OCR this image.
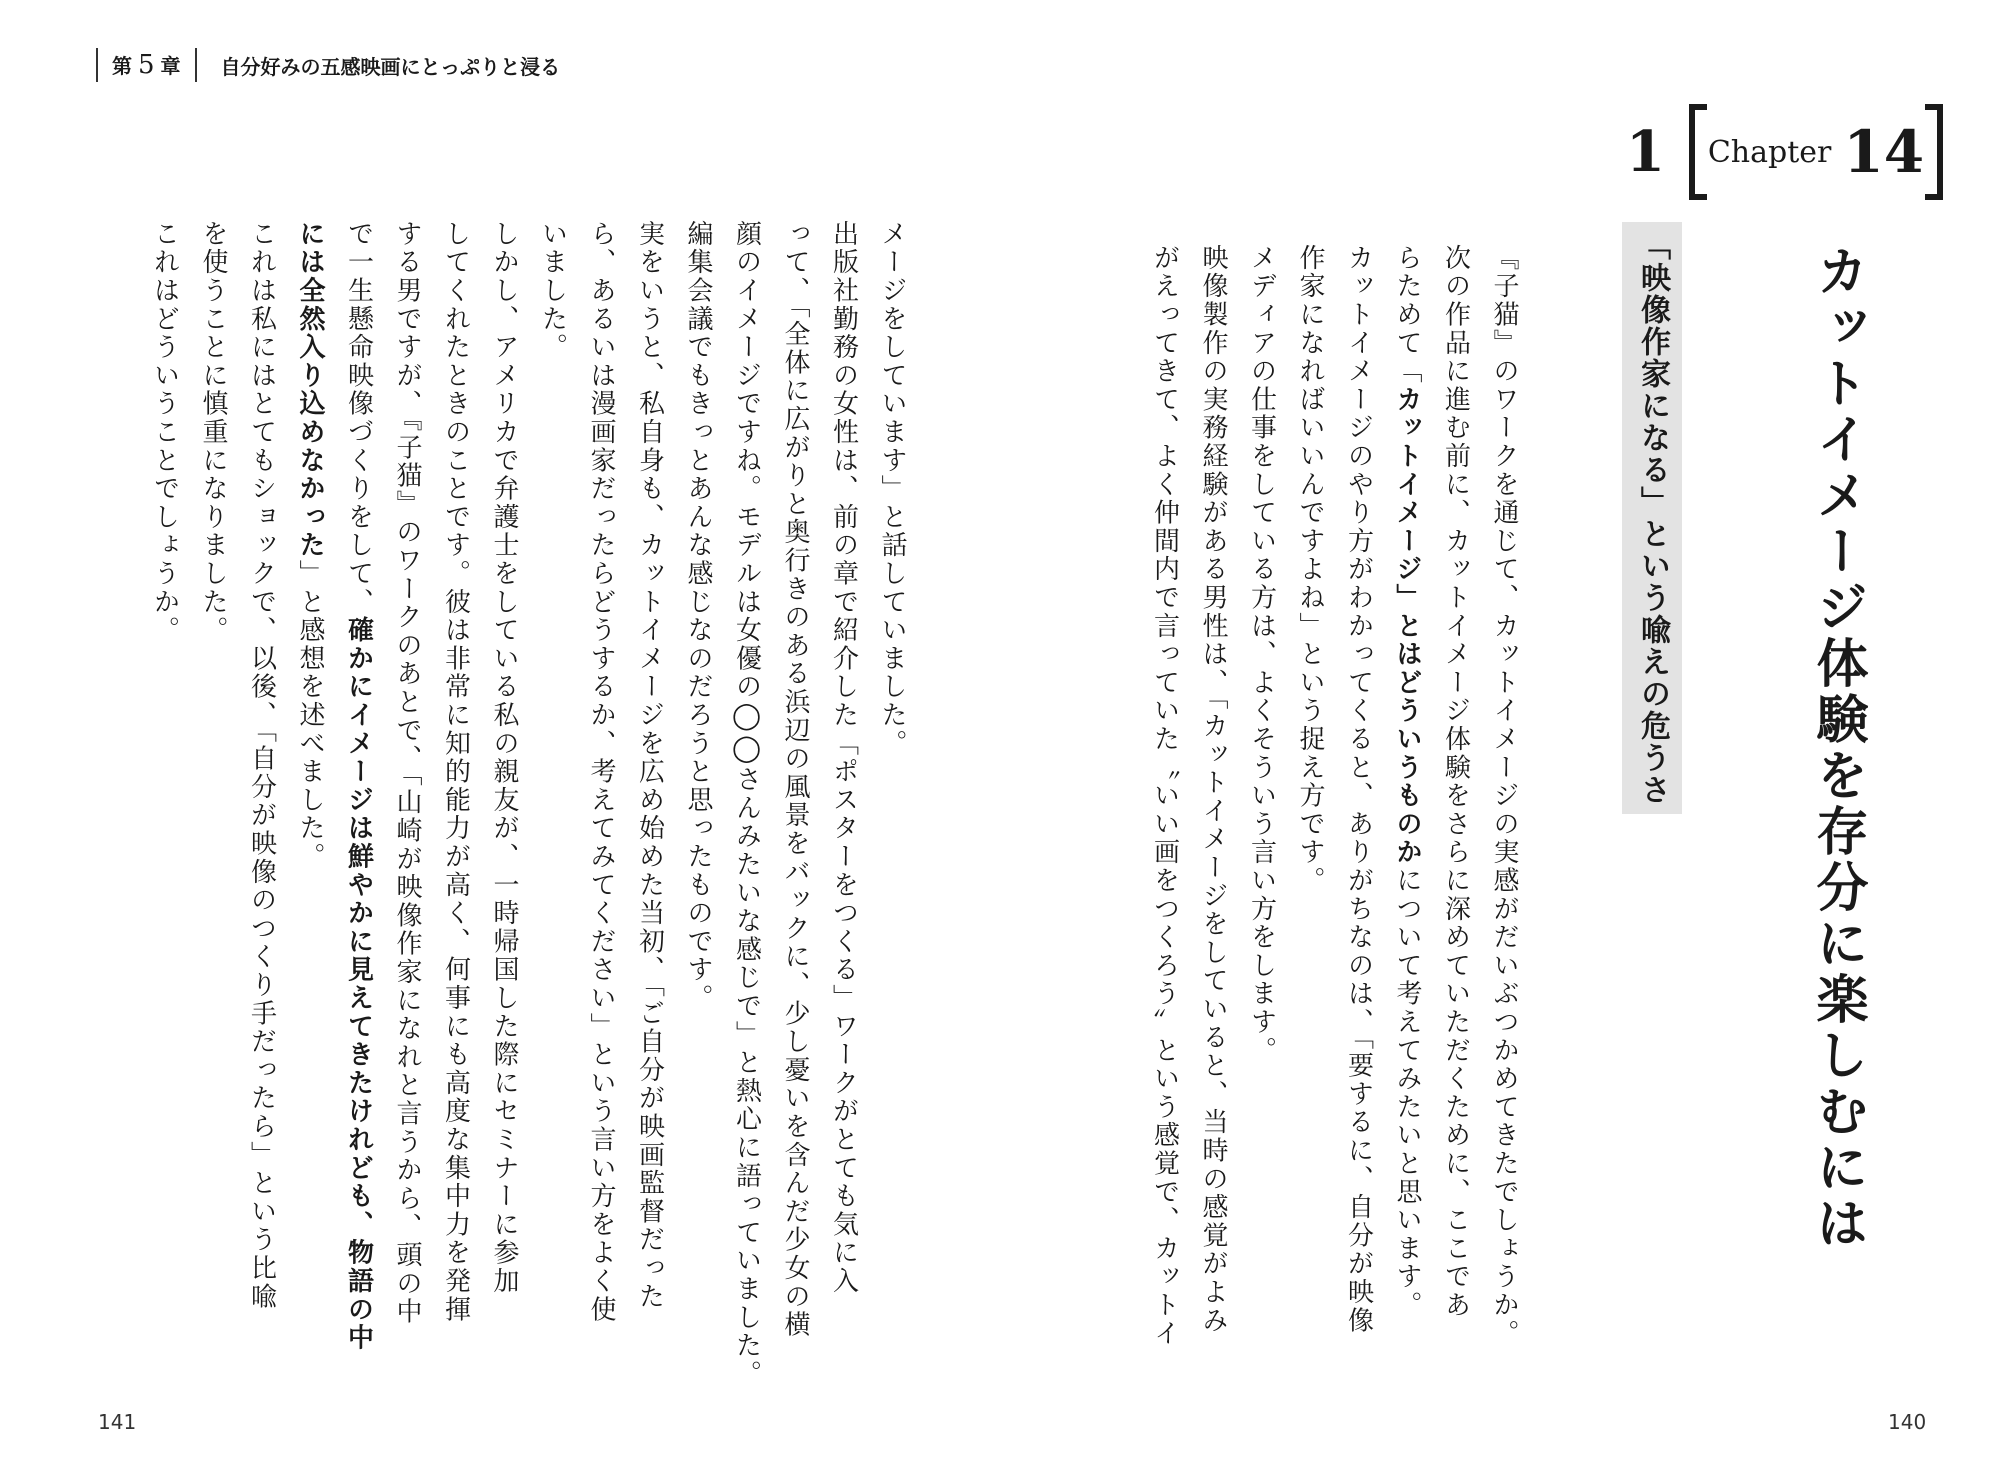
第 5 章 自分好みの五感映画にとっぷりと浸る
1 Chapter 14
カットイメージ体験を存分に楽しむには
「映像作家になる」という喩えの危うさ
『子猫』のワークを通じて、カットイメージの実感がだいぶつかめてきたでしょうか。
次の作品に進む前に、カットイメージ体験をさらに深めていただくために、ここであ
らためて「カットイメージ」とはどういうものかについて考えてみたいと思います。
カットイメージのやり方がわかってくると、ありがちなのは、「要するに、自分が映像
作家になればいいんですよね」という捉え方です。
メディアの仕事をしている方は、よくそういう言い方をします。
映像製作の実務経験がある男性は、「カットイメージをしていると、当時の感覚がよみ
がえってきて、よく仲間内で言っていた〝いい画をつくろう〟という感覚で、カットイ
メージをしています」と話していました。
出版社勤務の女性は、前の章で紹介した「ポスターをつくる」ワークがとても気に入
って、「全体に広がりと奥行きのある浜辺の風景をバックに、少し憂いを含んだ少女の横
顔のイメージですね。モデルは女優の◯◯さんみたいな感じで」と熱心に語っていました。
編集会議でもきっとあんな感じなのだろうと思ったものです。
実をいうと、私自身も、カットイメージを広め始めた当初、「ご自分が映画監督だった
ら、あるいは漫画家だったらどうするか、考えてみてください」という言い方をよく使
いました。
しかし、アメリカで弁護士をしている私の親友が、一時帰国した際にセミナーに参加
してくれたときのことです。彼は非常に知的能力が高く、何事にも高度な集中力を発揮
する男ですが、『子猫』のワークのあとで、「山崎が映像作家になれと言うから、頭の中
で一生懸命映像づくりをして、確かにイメージは鮮やかに見えてきたけれども、物語の中
には全然入り込めなかった」と感想を述べました。
これは私にはとてもショックで、以後、「自分が映像のつくり手だったら」という比喩
を使うことに慎重になりました。
これはどういうことでしょうか。
141	140
